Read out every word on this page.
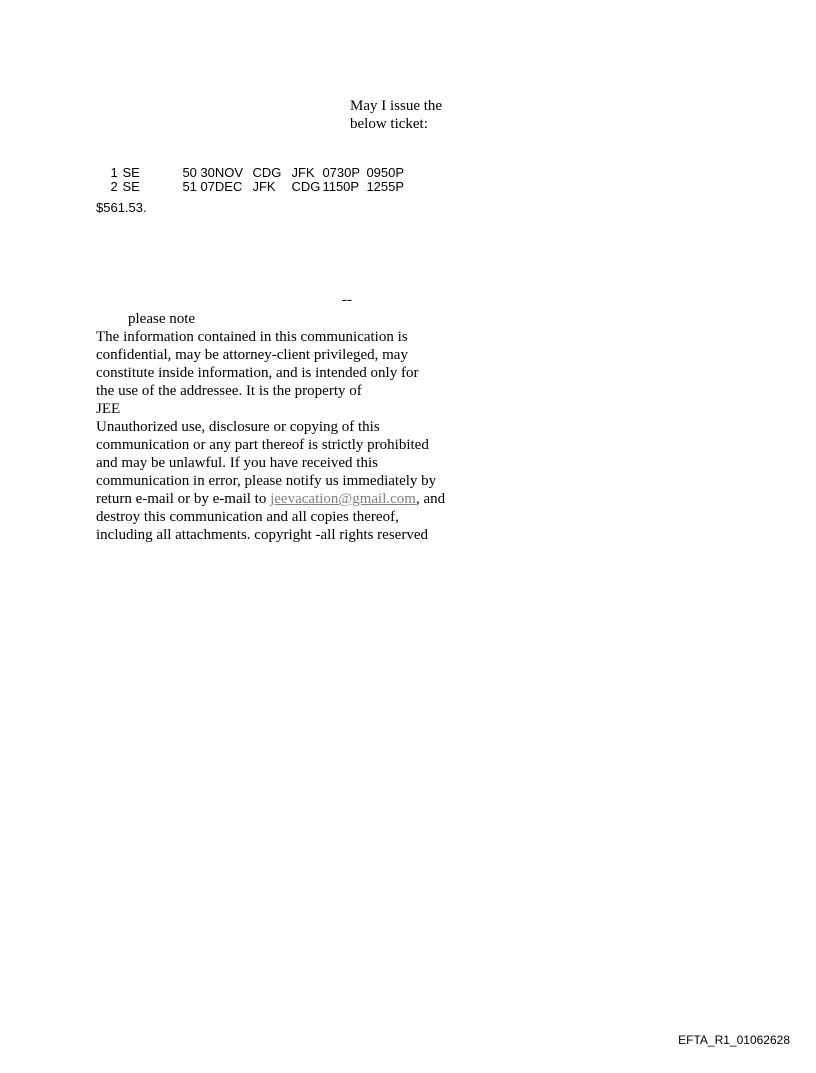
May I issue the
below ticket:

1 SE	50 30NOV CDG JFK 0730P 0950P

2 SE	51 07DEC JFK CDG 1150P 1255P

$561.53.
--
please note
The information contained in this communication is
confidential, may be attorney-client privileged, may
constitute inside information, and is intended only for
the use of the addressee. It is the property of
JEE
Unauthorized use, disclosure or copying of this
communication or any part thereof is strictly prohibited
and may be unlawful. If you have received this
communication in error, please notify us immediately by
return e-mail or by e-mail to jeevacation@gmail.com, and
destroy this communication and all copies thereof,
including all attachments. copyright -all rights reserved
EFTA_R1_01062628
